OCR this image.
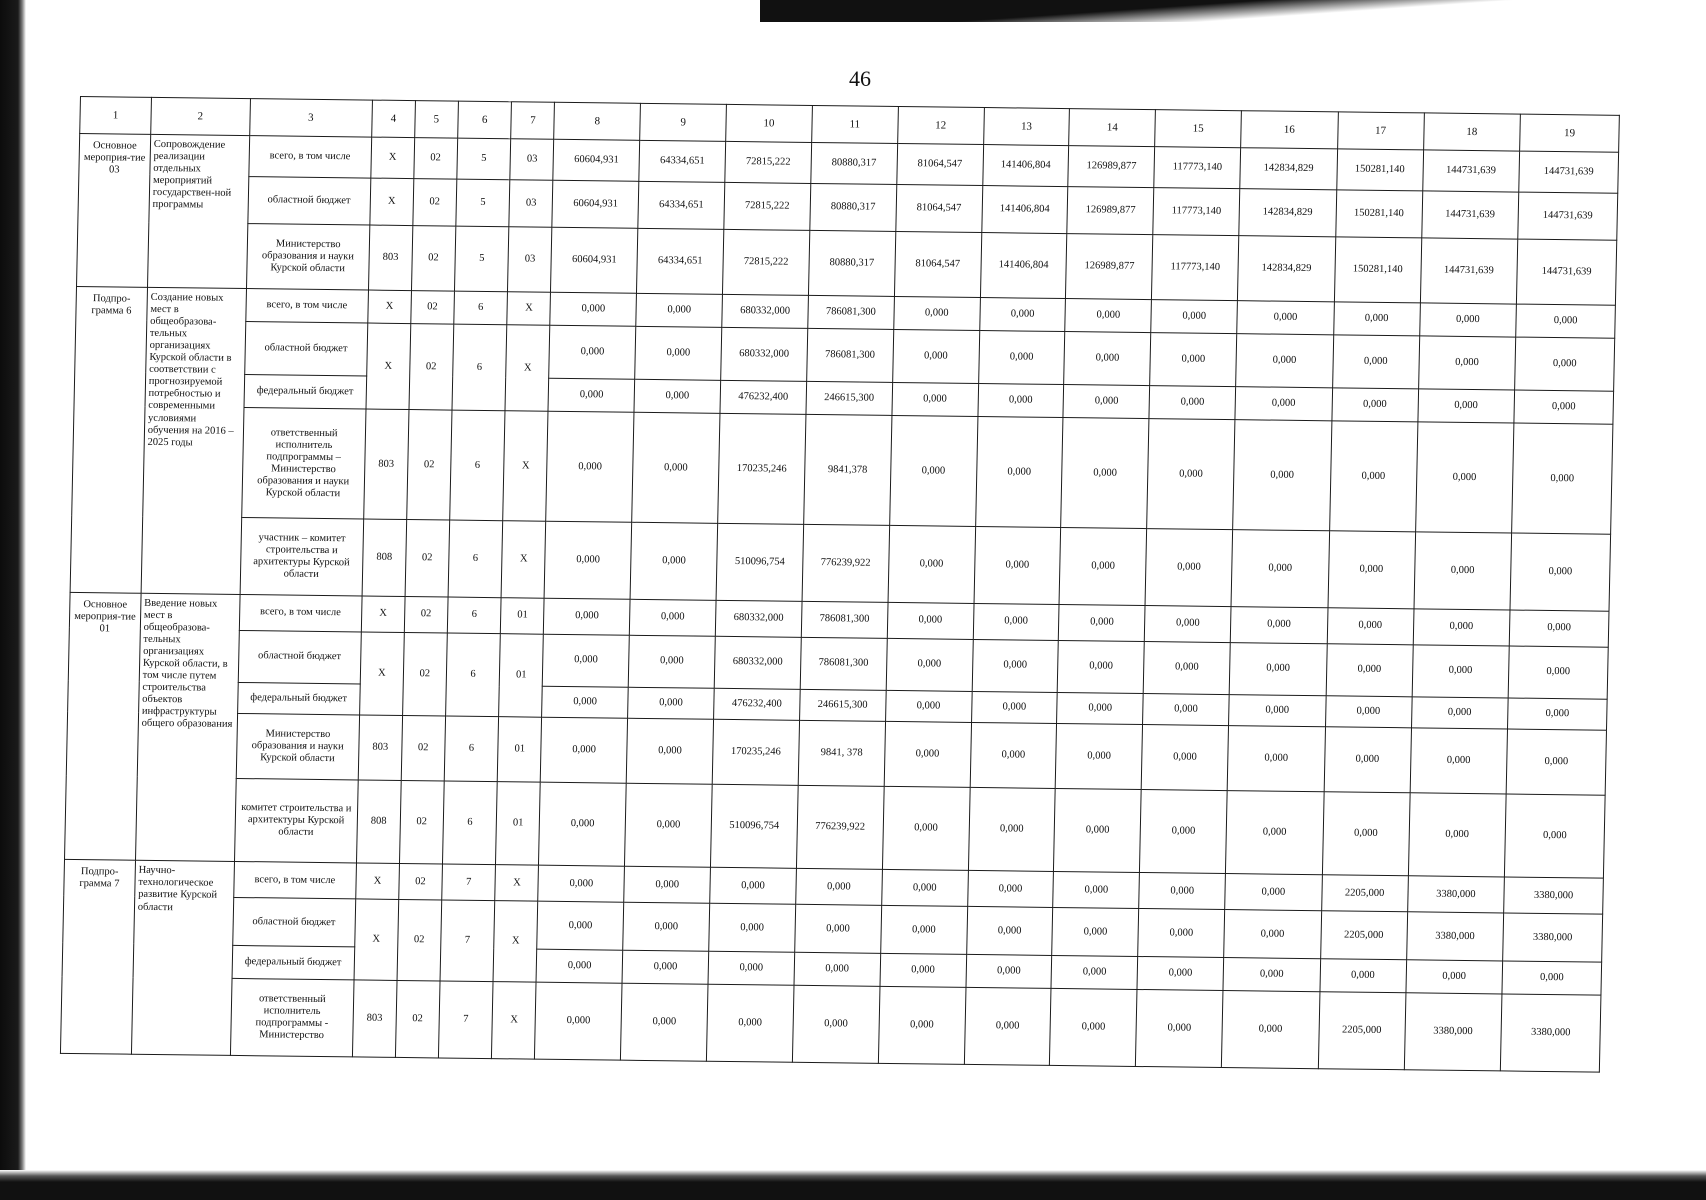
46
1	2	3	4	5	6	7	8	9	10	11	12	13	14	15	16	17	18	19
Основное мероприя-тие 03	Сопровождение реализации отдельных мероприятий государствен-ной программы	всего, в том числе	X	02	5	03	60604,931	64334,651	72815,222	80880,317	81064,547	141406,804	126989,877	117773,140	142834,829	150281,140	144731,639	144731,639
		областной бюджет	X	02	5	03	60604,931	64334,651	72815,222	80880,317	81064,547	141406,804	126989,877	117773,140	142834,829	150281,140	144731,639	144731,639
		Министерство образования и науки Курской области	803	02	5	03	60604,931	64334,651	72815,222	80880,317	81064,547	141406,804	126989,877	117773,140	142834,829	150281,140	144731,639	144731,639
Подпро-грамма 6	Создание новых мест в общеобразова-тельных организациях Курской области в соответствии с прогнозируемой потребностью и современными условиями обучения на 2016 – 2025 годы	всего, в том числе	X	02	6	X	0,000	0,000	680332,000	786081,300	0,000	0,000	0,000	0,000	0,000	0,000	0,000	0,000
		областной бюджет	X	02	6	X	0,000	0,000	680332,000	786081,300	0,000	0,000	0,000	0,000	0,000	0,000	0,000	0,000
		федеральный бюджет					0,000	0,000	476232,400	246615,300	0,000	0,000	0,000	0,000	0,000	0,000	0,000	0,000
		ответственный исполнитель подпрограммы – Министерство образования и науки Курской области	803	02	6	X	0,000	0,000	170235,246	9841,378	0,000	0,000	0,000	0,000	0,000	0,000	0,000	0,000
		участник – комитет строительства и архитектуры Курской области	808	02	6	X	0,000	0,000	510096,754	776239,922	0,000	0,000	0,000	0,000	0,000	0,000	0,000	0,000
Основное мероприя-тие 01	Введение новых мест в общеобразова-тельных организациях Курской области, в том числе путем строительства объектов инфраструктуры общего образования	всего, в том числе	X	02	6	01	0,000	0,000	680332,000	786081,300	0,000	0,000	0,000	0,000	0,000	0,000	0,000	0,000
		областной бюджет	X	02	6	01	0,000	0,000	680332,000	786081,300	0,000	0,000	0,000	0,000	0,000	0,000	0,000	0,000
		федеральный бюджет					0,000	0,000	476232,400	246615,300	0,000	0,000	0,000	0,000	0,000	0,000	0,000	0,000
		Министерство образования и науки Курской области	803	02	6	01	0,000	0,000	170235,246	9841, 378	0,000	0,000	0,000	0,000	0,000	0,000	0,000	0,000
		комитет строительства и архитектуры Курской области	808	02	6	01	0,000	0,000	510096,754	776239,922	0,000	0,000	0,000	0,000	0,000	0,000	0,000	0,000
Подпро-грамма 7	Научно-технологическое развитие Курской области	всего, в том числе	X	02	7	X	0,000	0,000	0,000	0,000	0,000	0,000	0,000	0,000	0,000	2205,000	3380,000	3380,000
		областной бюджет	X	02	7	X	0,000	0,000	0,000	0,000	0,000	0,000	0,000	0,000	0,000	2205,000	3380,000	3380,000
		федеральный бюджет					0,000	0,000	0,000	0,000	0,000	0,000	0,000	0,000	0,000	0,000	0,000	0,000
		ответственный исполнитель подпрограммы - Министерство	803	02	7	X	0,000	0,000	0,000	0,000	0,000	0,000	0,000	0,000	0,000	2205,000	3380,000	3380,000
